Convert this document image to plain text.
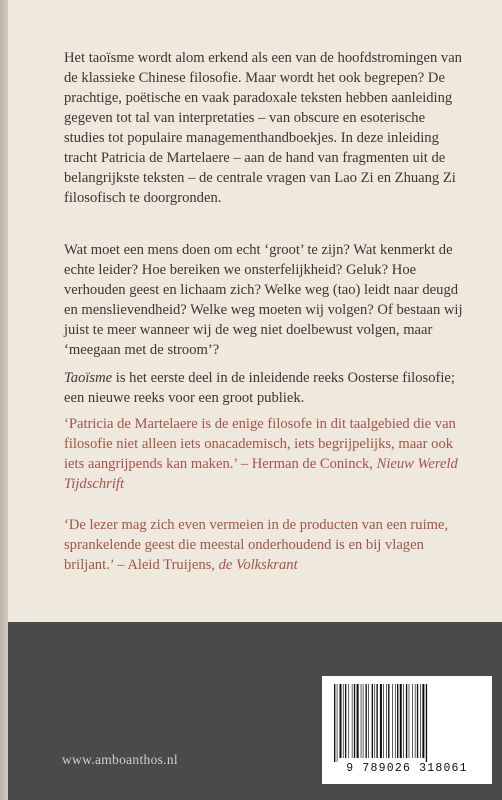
Het taoïsme wordt alom erkend als een van de hoofdstromingen van de klassieke Chinese filosofie. Maar wordt het ook begrepen? De prachtige, poëtische en vaak paradoxale teksten hebben aanleiding gegeven tot tal van interpretaties – van obscure en esoterische studies tot populaire managementhandboekjes. In deze inleiding tracht Patricia de Martelaere – aan de hand van fragmenten uit de belangrijkste teksten – de centrale vragen van Lao Zi en Zhuang Zi filosofisch te doorgronden.

Wat moet een mens doen om echt ‘groot’ te zijn? Wat kenmerkt de echte leider? Hoe bereiken we onsterfelijkheid? Geluk? Hoe verhouden geest en lichaam zich? Welke weg (tao) leidt naar deugd en menslievendheid? Welke weg moeten wij volgen? Of bestaan wij juist te meer wanneer wij de weg niet doelbewust volgen, maar ‘meegaan met de stroom’?

Taoïsme is het eerste deel in de inleidende reeks Oosterse filosofie; een nieuwe reeks voor een groot publiek.

‘Patricia de Martelaere is de enige filosofe in dit taalgebied die van filosofie niet alleen iets onacademisch, iets begrijpelijks, maar ook iets aangrijpends kan maken.’ – Herman de Coninck, Nieuw Wereld Tijdschrift

‘De lezer mag zich even vermeien in de producten van een ruime, sprankelende geest die meestal onderhoudend is en bij vlagen briljant.’ – Aleid Truijens, de Volkskrant

www.amboanthos.nl
9 789026 318061
